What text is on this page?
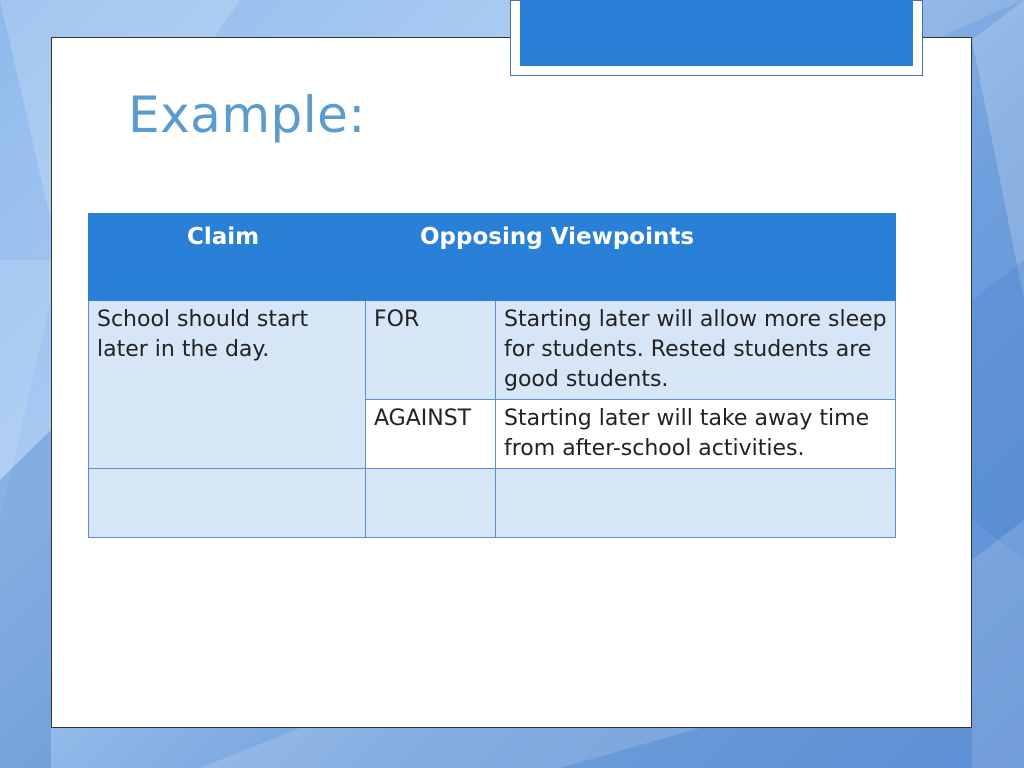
Example:
Claim	Opposing Viewpoints	
School should start later in the day.	FOR	Starting later will allow more sleep for students. Rested students are good students.
	AGAINST	Starting later will take away time from after-school activities.
